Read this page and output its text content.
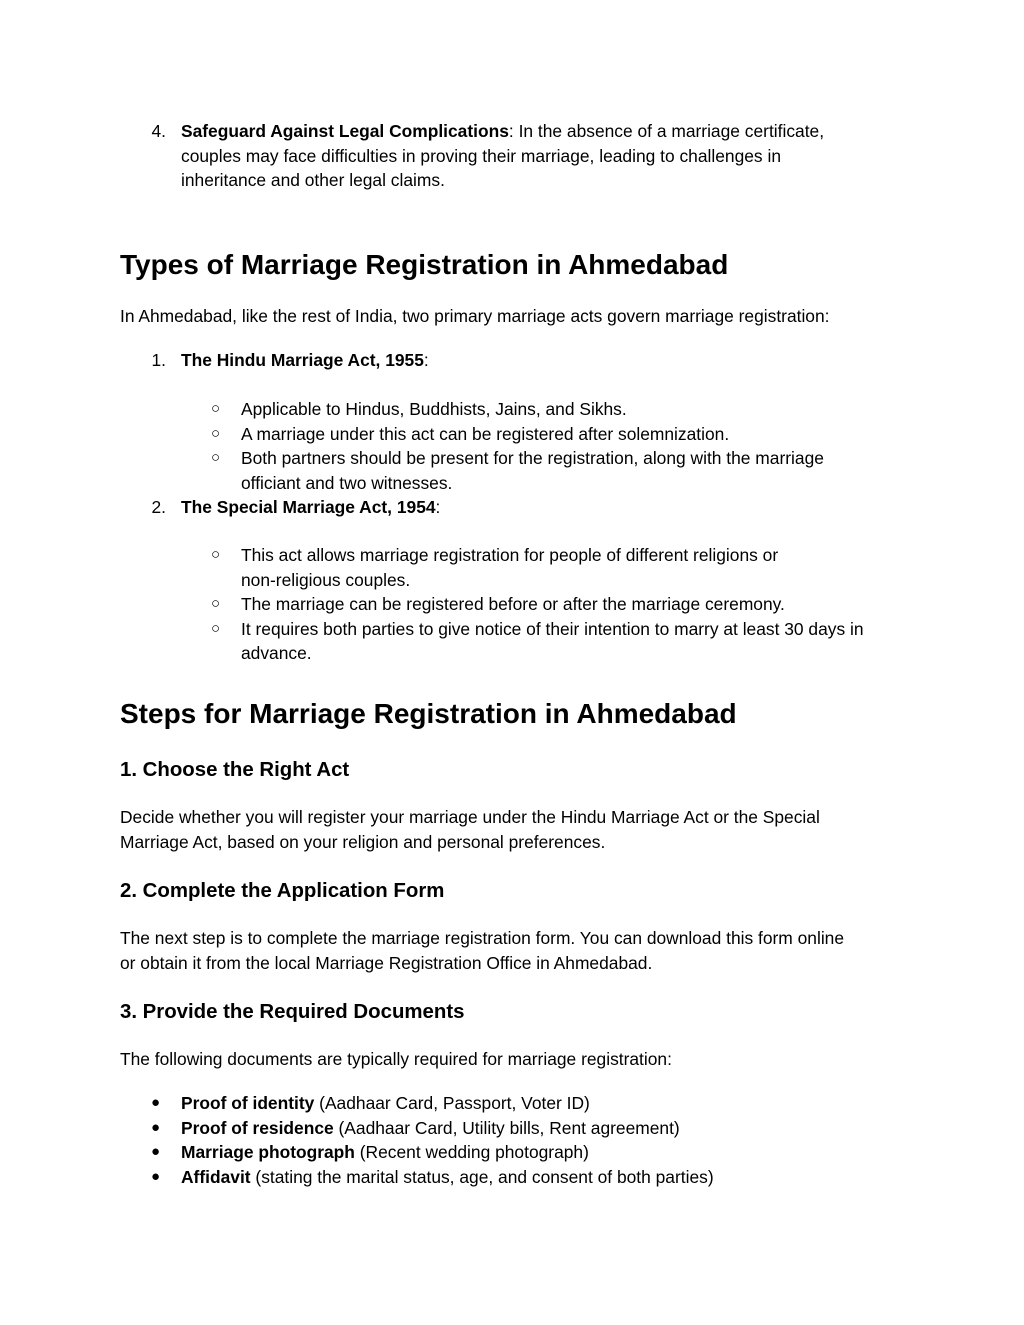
4. Safeguard Against Legal Complications: In the absence of a marriage certificate,

couples may face difficulties in proving their marriage, leading to challenges in

inheritance and other legal claims.

Types of Marriage Registration in Ahmedabad

In Ahmedabad, like the rest of India, two primary marriage acts govern marriage registration:

1. The Hindu Marriage Act, 1955:

○ Applicable to Hindus, Buddhists, Jains, and Sikhs.

○ A marriage under this act can be registered after solemnization.

○ Both partners should be present for the registration, along with the marriage

officiant and two witnesses.

2. The Special Marriage Act, 1954:

○ This act allows marriage registration for people of different religions or

non-religious couples.

○ The marriage can be registered before or after the marriage ceremony.

○ It requires both parties to give notice of their intention to marry at least 30 days in

advance.

Steps for Marriage Registration in Ahmedabad
1. Choose the Right Act

Decide whether you will register your marriage under the Hindu Marriage Act or the Special

Marriage Act, based on your religion and personal preferences.

2. Complete the Application Form

The next step is to complete the marriage registration form. You can download this form online

or obtain it from the local Marriage Registration Office in Ahmedabad.

3. Provide the Required Documents

The following documents are typically required for marriage registration:

● Proof of identity (Aadhaar Card, Passport, Voter ID)

● Proof of residence (Aadhaar Card, Utility bills, Rent agreement)

● Marriage photograph (Recent wedding photograph)

● Affidavit (stating the marital status, age, and consent of both parties)
